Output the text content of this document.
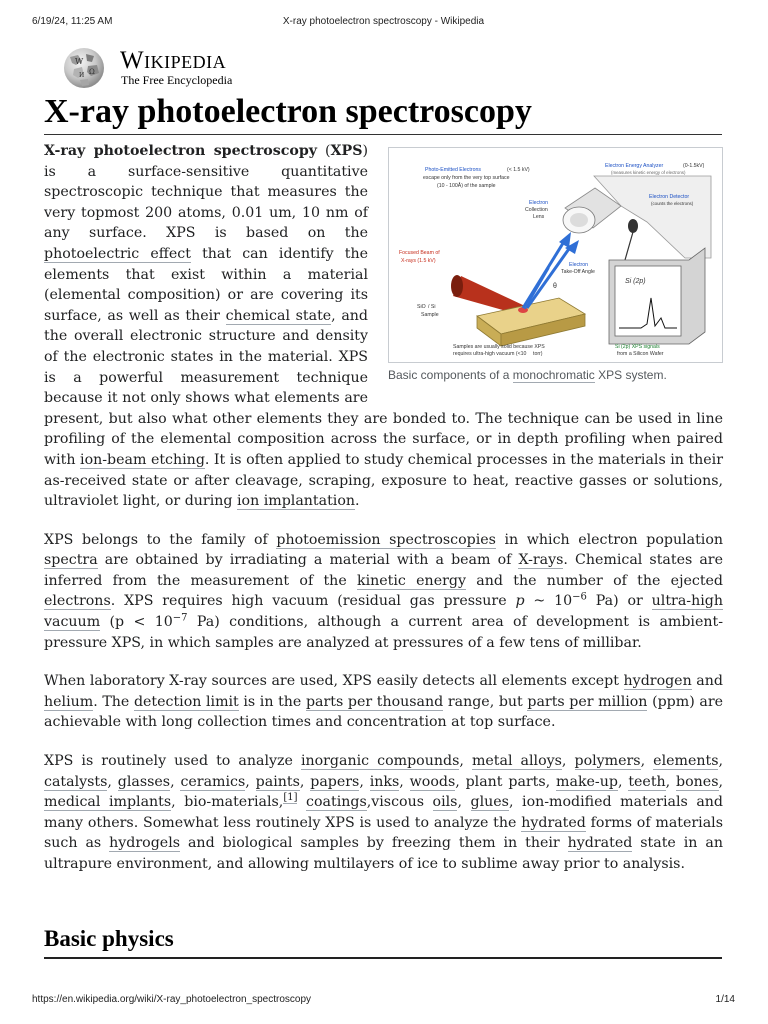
6/19/24, 11:25 AM	X-ray photoelectron spectroscopy - Wikipedia
W
Ω
И
Wikipedia
The Free Encyclopedia
X-ray photoelectron spectroscopy
Photo-Emitted Electrons	(< 1.5 kV)
escape only from the very top surface
(10 - 100Å) of the sample
Electron Energy Analyzer	(0-1.5kV)
(measures kinetic energy of electrons)
Electron Detector
(counts the electrons)
Electron
Collection
Lens
Focused Beam of
X-rays (1.5 kV)
Electron
Take-Off Angle
θ
SiO / Si
Sample
Si (2p)
Samples are usually solid because XPS
requires ultra-high vacuum (<10 torr)
Si (2p) XPS signals
from a Silicon Wafer
Basic components of a monochromatic XPS system.

X-ray photoelectron spectroscopy (XPS) is a surface-sensitive quantitative spectroscopic technique that measures the very topmost 200 atoms, 0.01 um, 10 nm of any surface. XPS is based on the photoelectric effect that can identify the elements that exist within a material (elemental composition) or are covering its surface, as well as their chemical state, and the overall electronic structure and density of the electronic states in the material. XPS is a powerful measurement technique because it not only shows what elements are present, but also what other elements they are bonded to. The technique can be used in line profiling of the elemental composition across the surface, or in depth profiling when paired with ion-beam etching. It is often applied to study chemical processes in the materials in their as-received state or after cleavage, scraping, exposure to heat, reactive gasses or solutions, ultraviolet light, or during ion implantation.

XPS belongs to the family of photoemission spectroscopies in which electron population spectra are obtained by irradiating a material with a beam of X-rays. Chemical states are inferred from the measurement of the kinetic energy and the number of the ejected electrons. XPS requires high vacuum (residual gas pressure p ~ $10^{-6}$ Pa) or ultra-high vacuum ($p < 10^{-7}$ Pa) conditions, although a current area of development is ambient-pressure XPS, in which samples are analyzed at pressures of a few tens of millibar.

When laboratory X-ray sources are used, XPS easily detects all elements except hydrogen and helium. The detection limit is in the parts per thousand range, but parts per million (ppm) are achievable with long collection times and concentration at top surface.

XPS is routinely used to analyze inorganic compounds, metal alloys, polymers, elements, catalysts, glasses, ceramics, paints, papers, inks, woods, plant parts, make-up, teeth, bones, medical implants, bio-materials,[1] coatings,viscous oils, glues, ion-modified materials and many others. Somewhat less routinely XPS is used to analyze the hydrated forms of materials such as hydrogels and biological samples by freezing them in their hydrated state in an ultrapure environment, and allowing multilayers of ice to sublime away prior to analysis.

Basic physics
https://en.wikipedia.org/wiki/X-ray_photoelectron_spectroscopy	1/14
